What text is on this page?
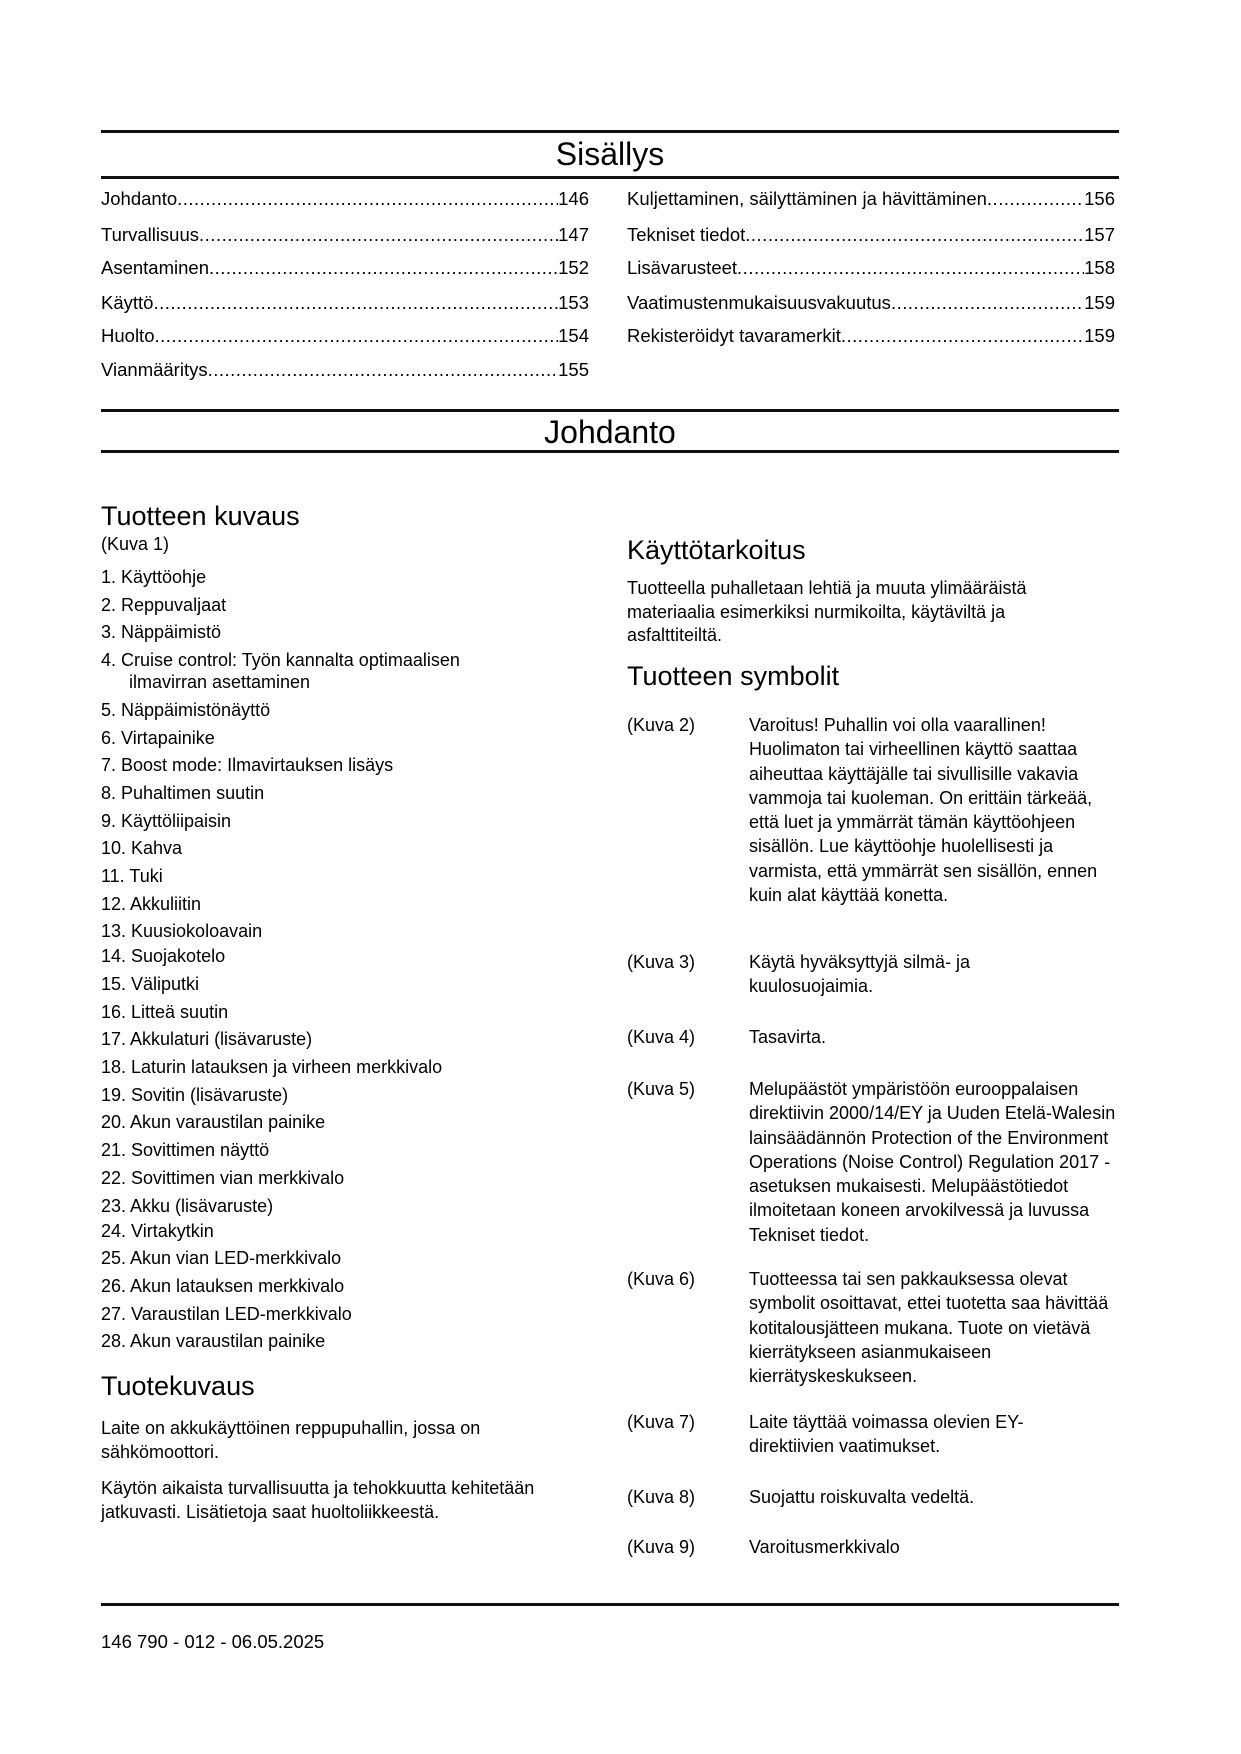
Sisällys
Johdanto .....	146
Turvallisuus .....	147
Asentaminen .....	152
Käyttö .....	153
Huolto .....	154
Vianmääritys .....	155
Kuljettaminen, säilyttäminen ja hävittäminen .....	156
Tekniset tiedot .....	157
Lisävarusteet .....	158
Vaatimustenmukaisuusvakuutus .....	159
Rekisteröidyt tavaramerkit .....	159
Johdanto
Tuotteen kuvaus
(Kuva 1)
1. Käyttöohje
2. Reppuvaljaat
3. Näppäimistö
4. Cruise control: Työn kannalta optimaalisen
ilmavirran asettaminen
5. Näppäimistönäyttö
6. Virtapainike
7. Boost mode: Ilmavirtauksen lisäys
8. Puhaltimen suutin
9. Käyttöliipaisin
10. Kahva
11. Tuki
12. Akkuliitin
13. Kuusiokoloavain
14. Suojakotelo
15. Väliputki
16. Litteä suutin
17. Akkulaturi (lisävaruste)
18. Laturin latauksen ja virheen merkkivalo
19. Sovitin (lisävaruste)
20. Akun varaustilan painike
21. Sovittimen näyttö
22. Sovittimen vian merkkivalo
23. Akku (lisävaruste)
24. Virtakytkin
25. Akun vian LED-merkkivalo
26. Akun latauksen merkkivalo
27. Varaustilan LED-merkkivalo
28. Akun varaustilan painike
Tuotekuvaus
Laite on akkukäyttöinen reppupuhallin, jossa on sähkömoottori.
Käytön aikaista turvallisuutta ja tehokkuutta kehitetään jatkuvasti. Lisätietoja saat huoltoliikkeestä.
Käyttötarkoitus
Tuotteella puhalletaan lehtiä ja muuta ylimääräistä materiaalia esimerkiksi nurmikoilta, käytäviltä ja asfalttiteiltä.
Tuotteen symbolit
(Kuva 2)	Varoitus! Puhallin voi olla vaarallinen! Huolimaton tai virheellinen käyttö saattaa aiheuttaa käyttäjälle tai sivullisille vakavia vammoja tai kuoleman. On erittäin tärkeää, että luet ja ymmärrät tämän käyttöohjeen sisällön. Lue käyttöohje huolellisesti ja varmista, että ymmärrät sen sisällön, ennen kuin alat käyttää konetta.
(Kuva 3)	Käytä hyväksyttyjä silmä- ja kuulosuojaimia.
(Kuva 4)	Tasavirta.
(Kuva 5)	Melupäästöt ympäristöön eurooppalaisen direktiivin 2000/14/EY ja Uuden Etelä-Walesin lainsäädännön Protection of the Environment Operations (Noise Control) Regulation 2017 -asetuksen mukaisesti. Melupäästötiedot ilmoitetaan koneen arvokilvessä ja luvussa Tekniset tiedot.
(Kuva 6)	Tuotteessa tai sen pakkauksessa olevat symbolit osoittavat, ettei tuotetta saa hävittää kotitalousjätteen mukana. Tuote on vietävä kierrätykseen asianmukaiseen kierrätyskeskukseen.
(Kuva 7)	Laite täyttää voimassa olevien EY-direktiivien vaatimukset.
(Kuva 8)	Suojattu roiskuvalta vedeltä.
(Kuva 9)	Varoitusmerkkivalo
146 790 - 012 - 06.05.2025
